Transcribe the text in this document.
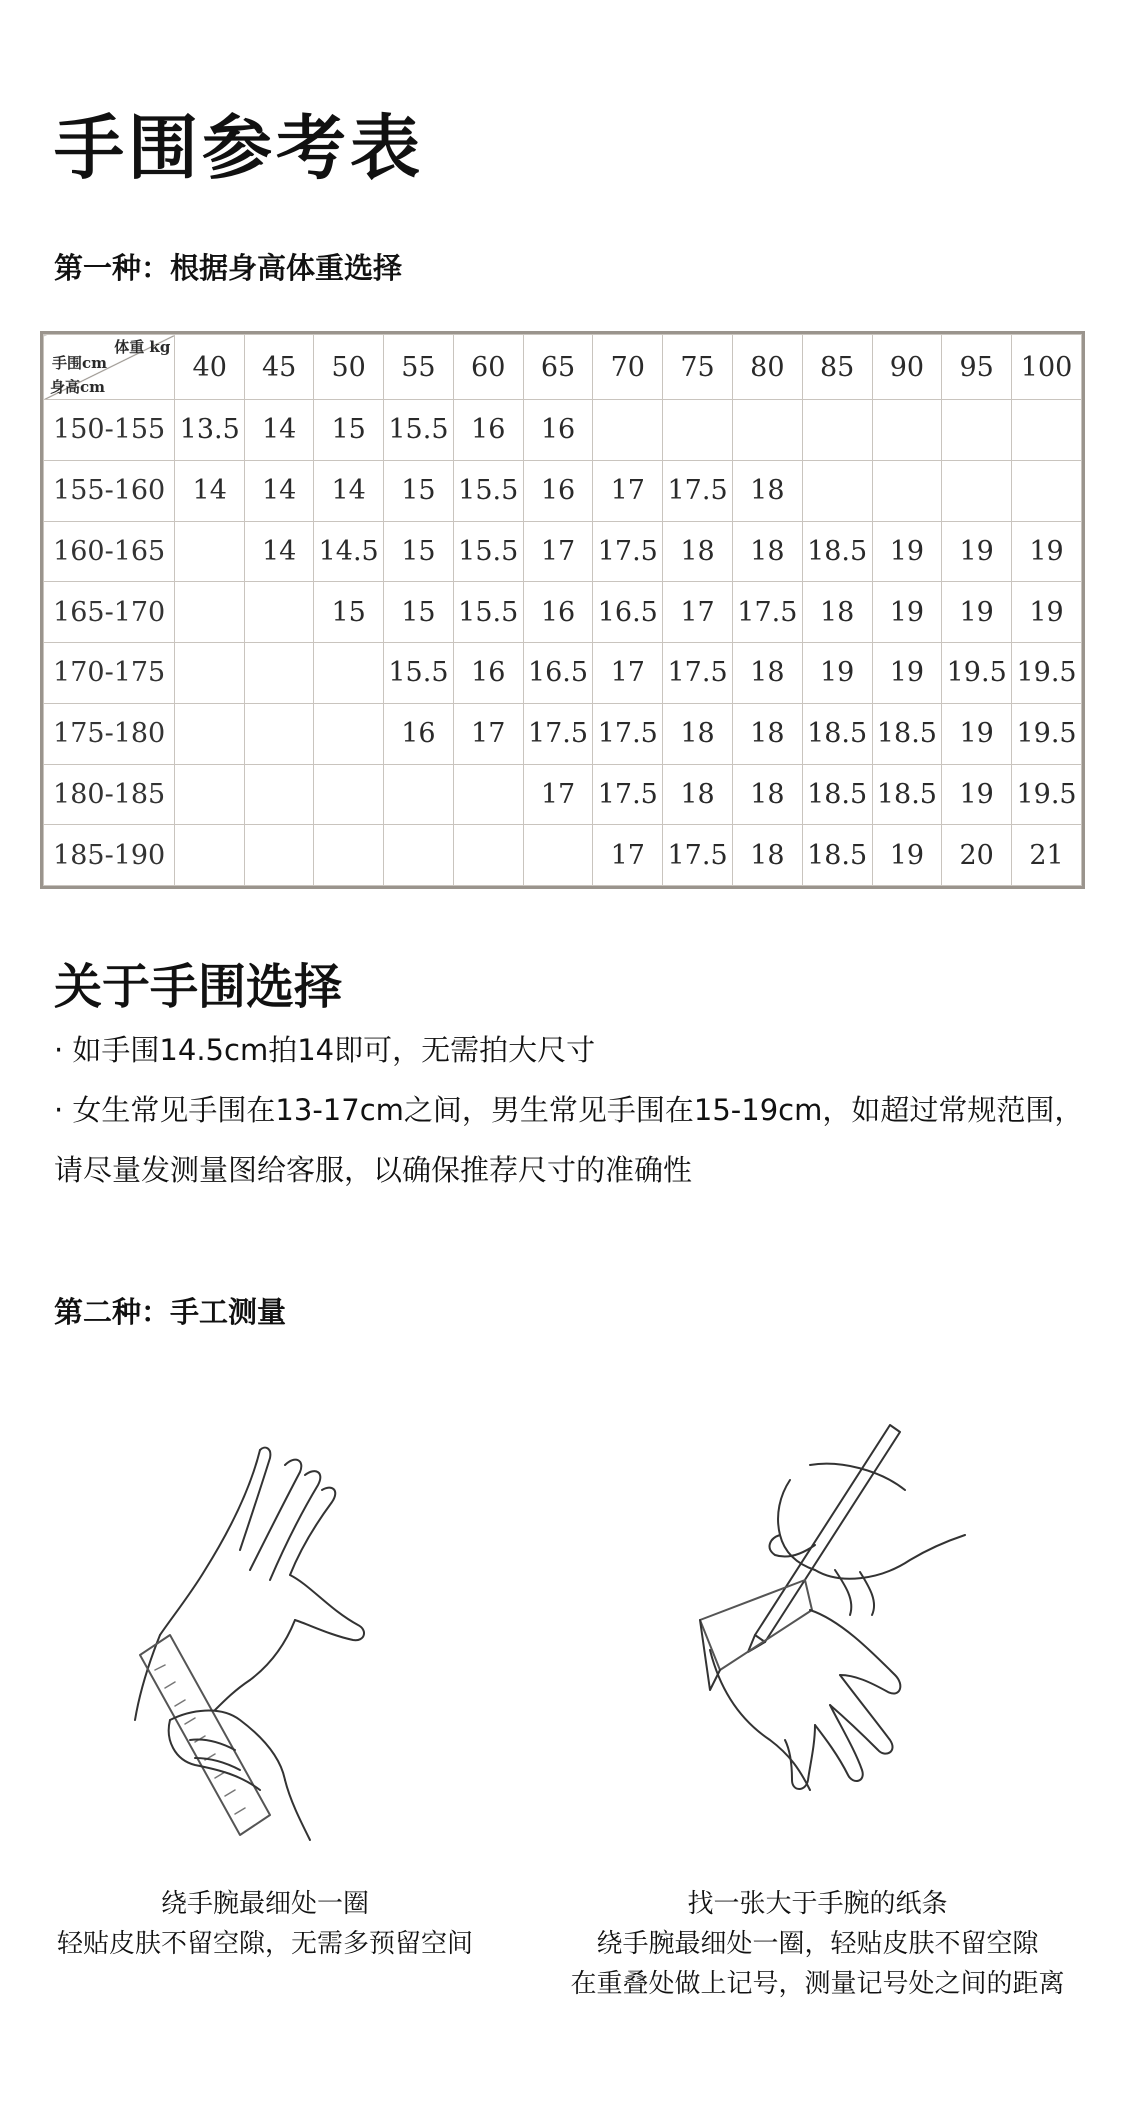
手围参考表
第一种：根据身高体重选择
手围cm
体重 kg
身高cm	40	45	50	55	60	65	70	75	80	85	90	95	100
150-155	13.5	14	15	15.5	16	16							
155-160	14	14	14	15	15.5	16	17	17.5	18				
160-165		14	14.5	15	15.5	17	17.5	18	18	18.5	19	19	19
165-170			15	15	15.5	16	16.5	17	17.5	18	19	19	19
170-175				15.5	16	16.5	17	17.5	18	19	19	19.5	19.5
175-180				16	17	17.5	17.5	18	18	18.5	18.5	19	19.5
180-185						17	17.5	18	18	18.5	18.5	19	19.5
185-190							17	17.5	18	18.5	19	20	21
关于手围选择

· 如手围14.5cm拍14即可，无需拍大尺寸

· 女生常见手围在13-17cm之间，男生常见手围在15-19cm，如超过常规范围，请尽量发测量图给客服，以确保推荐尺寸的准确性

第二种：手工测量
绕手腕最细处一圈
轻贴皮肤不留空隙，无需多预留空间
找一张大于手腕的纸条
绕手腕最细处一圈，轻贴皮肤不留空隙
在重叠处做上记号，测量记号处之间的距离
